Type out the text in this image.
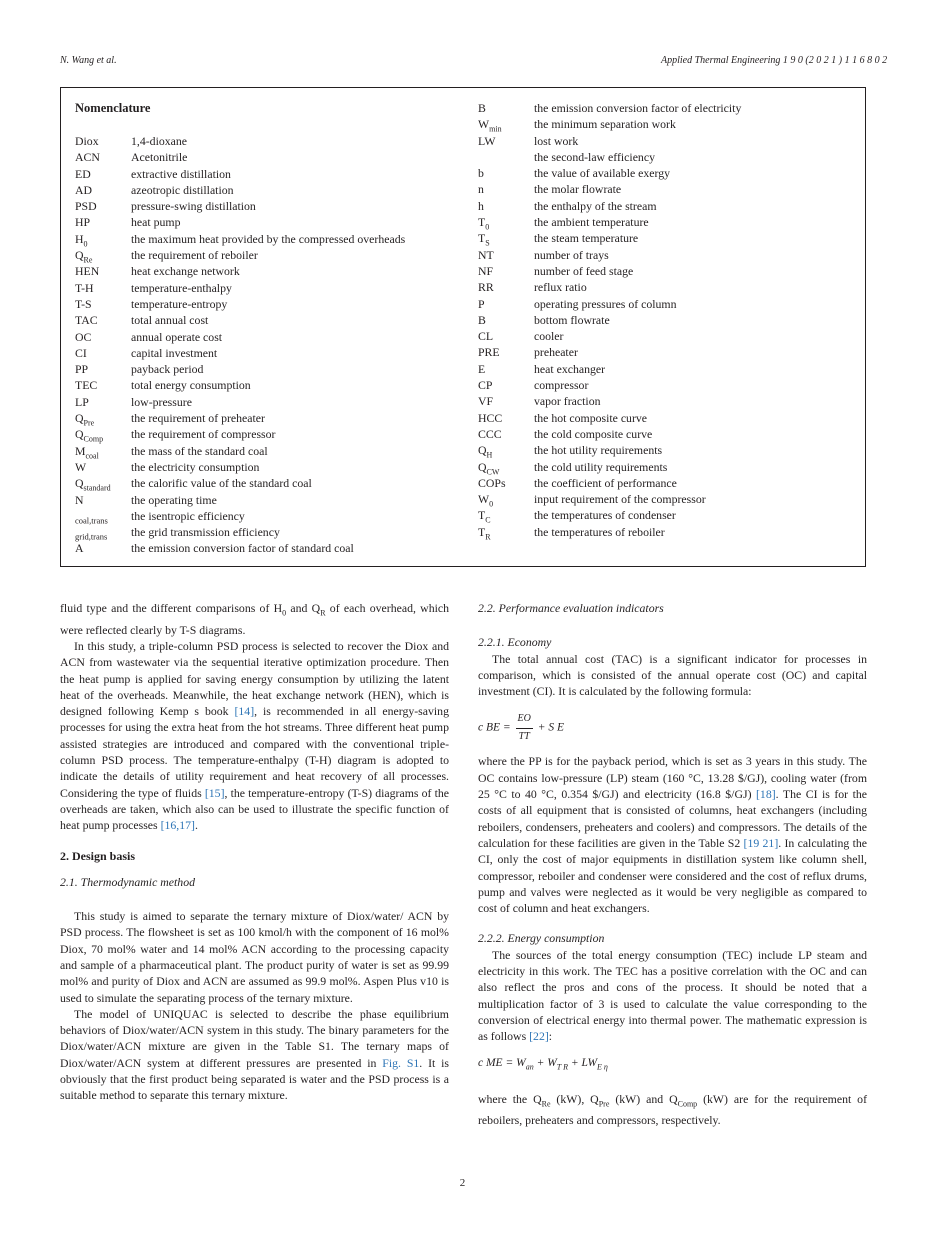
N. Wang et al.	Applied Thermal Engineering 1 9 0 (2 0 2 1 ) 1 1 6 8 0 2
Nomenclature
Diox	1,4-dioxane
ACN	Acetonitrile
ED	extractive distillation
AD	azeotropic distillation
PSD	pressure-swing distillation
HP	heat pump
$H_0$	the maximum heat provided by the compressed overheads
$Q_{Re}$	the requirement of reboiler
HEN	heat exchange network
T-H	temperature-enthalpy
T-S	temperature-entropy
TAC	total annual cost
OC	annual operate cost
CI	capital investment
PP	payback period
TEC	total energy consumption
LP	low-pressure
$Q_{Pre}$	the requirement of preheater
$Q_{Comp}$ the requirement of compressor
$M_{coal}$	the mass of the standard coal
W	the electricity consumption
$Q_{standard}$ the calorific value of the standard coal
N	the operating time
$_{coal,trans}$ the isentropic efficiency
$_{grid,trans}$ the grid transmission efficiency
A	the emission conversion factor of standard coal
B	the emission conversion factor of electricity
$W_{min}$	the minimum separation work
LW	lost work
the second-law efficiency
b	the value of available exergy
n	the molar flowrate
h	the enthalpy of the stream
$T_0$	the ambient temperature
$T_S$	the steam temperature
NT	number of trays
NF	number of feed stage
RR	reflux ratio
P	operating pressures of column
B	bottom flowrate
CL	cooler
PRE	preheater
E	heat exchanger
CP	compressor
VF	vapor fraction
HCC	the hot composite curve
CCC	the cold composite curve
$Q_H$	the hot utility requirements
$Q_{CW}$	the cold utility requirements
COPs the coefficient of performance
$W_0$	input requirement of the compressor
$T_C$	the temperatures of condenser
$T_R$	the temperatures of reboiler

fluid type and the different comparisons of $H_0$ and $Q_R$ of each overhead, which were reflected clearly by T-S diagrams.

In this study, a triple-column PSD process is selected to recover the Diox and ACN from wastewater via the sequential iterative optimization procedure. Then the heat pump is applied for saving energy consumption by utilizing the latent heat of the overheads. Meanwhile, the heat exchange network (HEN), which is designed following Kemp s book [14], is recommended in all energy-saving processes for using the extra heat from the hot streams. Three different heat pump assisted strategies are introduced and compared with the conventional triple-column PSD process. The temperature-enthalpy (T-H) diagram is adopted to indicate the details of utility requirement and heat recovery of all processes. Considering the type of fluids [15], the temperature-entropy (T-S) diagrams of the overheads are taken, which also can be used to illustrate the specific function of heat pump processes [16,17].

2. Design basis
2.1. Thermodynamic method

This study is aimed to separate the ternary mixture of Diox/water/ ACN by PSD process. The flowsheet is set as 100 kmol/h with the component of 16 mol% Diox, 70 mol% water and 14 mol% ACN according to the processing capacity and sample of a pharmaceutical plant. The product purity of water is set as 99.99 mol% and purity of Diox and ACN are assumed as 99.9 mol%. Aspen Plus v10 is used to simulate the separating process of the ternary mixture.

The model of UNIQUAC is selected to describe the phase equilibrium behaviors of Diox/water/ACN system in this study. The binary parameters for the Diox/water/ACN mixture are given in the Table S1. The ternary maps of Diox/water/ACN system at different pressures are presented in Fig. S1. It is obviously that the first product being separated is water and the PSD process is a suitable method to separate this ternary mixture.

2.2. Performance evaluation indicators
2.2.1. Economy

The total annual cost (TAC) is a significant indicator for processes in comparison, which is consisted of the annual operate cost (OC) and capital investment (CI). It is calculated by the following formula:

c BE = $\frac{EO}{TT} + S$ E

where the PP is for the payback period, which is set as 3 years in this study. The OC contains low-pressure (LP) steam (160 °C, 13.28 $/GJ), cooling water (from 25 °C to 40 °C, 0.354 $/GJ) and electricity (16.8 $/GJ) [18]. The CI is for the costs of all equipment that is consisted of columns, heat exchangers (including reboilers, condensers, preheaters and coolers) and compressors. The details of the calculation for these facilities are given in the Table S2 [19 21]. In calculating the CI, only the cost of major equipments in distillation system like column shell, compressor, reboiler and condenser were considered and the cost of reflux drums, pump and valves were neglected as it would be very negligible as compared to cost of column and heat exchangers.

2.2.2. Energy consumption

The sources of the total energy consumption (TEC) include LP steam and electricity in this work. The TEC has a positive correlation with the OC and can also reflect the pros and cons of the process. It should be noted that a multiplication factor of 3 is used to calculate the value corresponding to the conversion of electrical energy into thermal power. The mathematic expression is as follows [22]:

c ME = $W_{an} + W_{T R} + LW_{E \eta}$

where the $Q_{Re}$ (kW), $Q_{Pre}$ (kW) and $Q_{Comp}$ (kW) are for the requirement of reboilers, preheaters and compressors, respectively.

2
